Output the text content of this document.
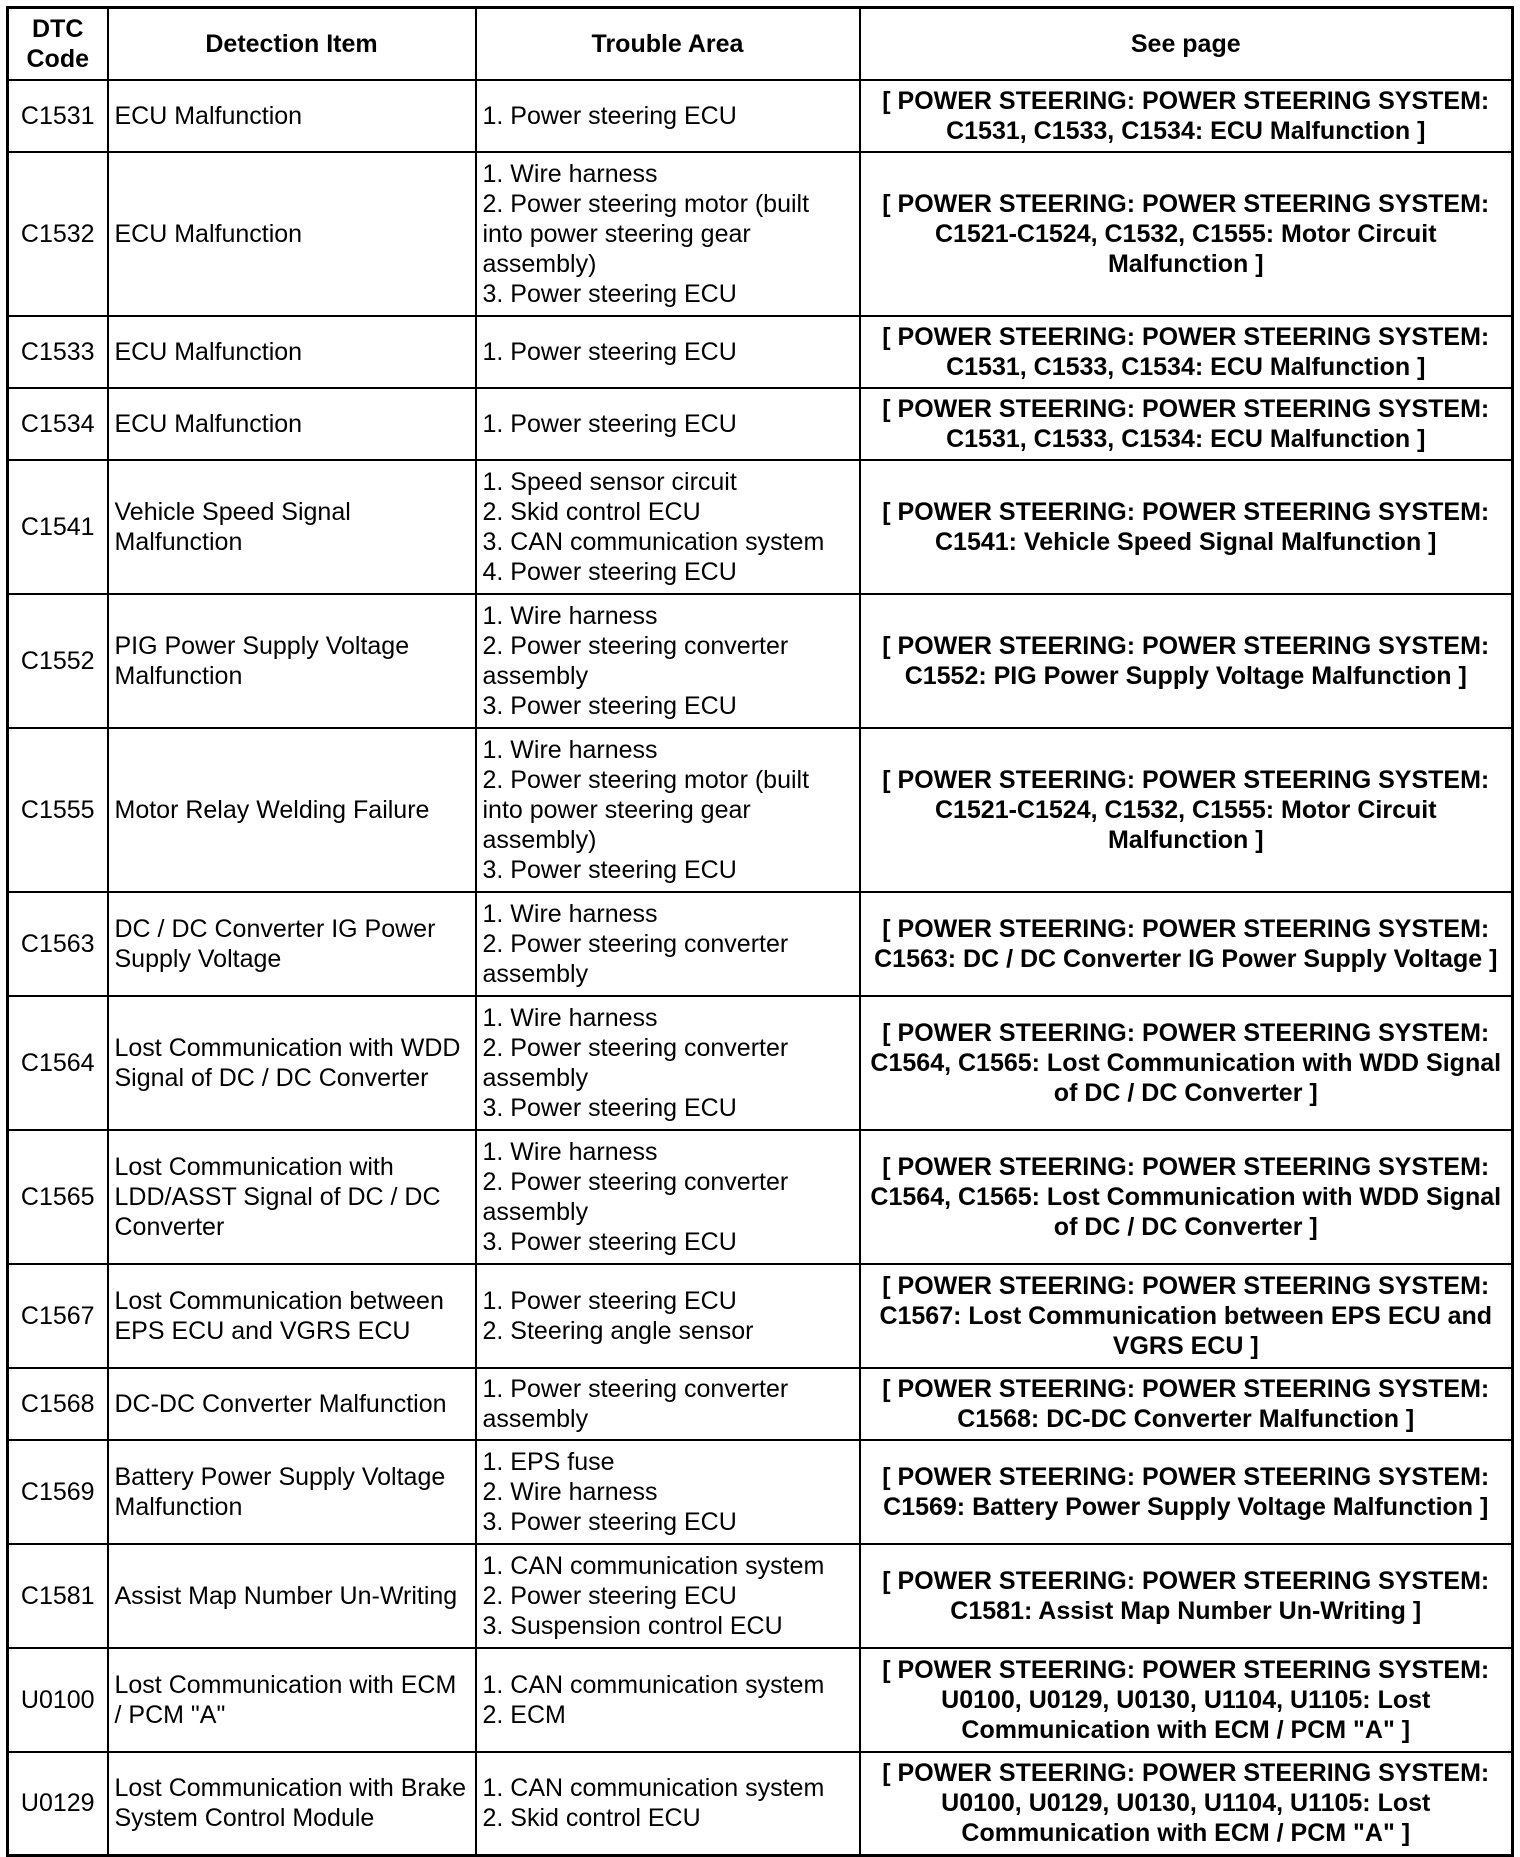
DTC
Code	Detection Item	Trouble Area	See page
C1531	ECU Malfunction	1. Power steering ECU	[ POWER STEERING: POWER STEERING SYSTEM:
C1531, C1533, C1534: ECU Malfunction ]

C1532	ECU Malfunction	1. Wire harness
2. Power steering motor (built into power steering gear assembly)
3. Power steering ECU	[ POWER STEERING: POWER STEERING SYSTEM:
C1521-C1524, C1532, C1555: Motor Circuit
Malfunction ]

C1533	ECU Malfunction	1. Power steering ECU	[ POWER STEERING: POWER STEERING SYSTEM:
C1531, C1533, C1534: ECU Malfunction ]

C1534	ECU Malfunction	1. Power steering ECU	[ POWER STEERING: POWER STEERING SYSTEM:
C1531, C1533, C1534: ECU Malfunction ]

C1541	Vehicle Speed Signal Malfunction	1. Speed sensor circuit
2. Skid control ECU
3. CAN communication system
4. Power steering ECU	[ POWER STEERING: POWER STEERING SYSTEM:
C1541: Vehicle Speed Signal Malfunction ]

C1552	PIG Power Supply Voltage Malfunction	1. Wire harness
2. Power steering converter assembly
3. Power steering ECU	[ POWER STEERING: POWER STEERING SYSTEM:
C1552: PIG Power Supply Voltage Malfunction ]

C1555	Motor Relay Welding Failure	1. Wire harness
2. Power steering motor (built into power steering gear assembly)
3. Power steering ECU	[ POWER STEERING: POWER STEERING SYSTEM:
C1521-C1524, C1532, C1555: Motor Circuit
Malfunction ]

C1563	DC / DC Converter IG Power Supply Voltage	1. Wire harness
2. Power steering converter assembly	[ POWER STEERING: POWER STEERING SYSTEM:
C1563: DC / DC Converter IG Power Supply Voltage ]

C1564	Lost Communication with WDD Signal of DC / DC Converter	1. Wire harness
2. Power steering converter assembly
3. Power steering ECU	[ POWER STEERING: POWER STEERING SYSTEM:
C1564, C1565: Lost Communication with WDD Signal
of DC / DC Converter ]

C1565	Lost Communication with LDD/ASST Signal of DC / DC Converter	1. Wire harness
2. Power steering converter assembly
3. Power steering ECU	[ POWER STEERING: POWER STEERING SYSTEM:
C1564, C1565: Lost Communication with WDD Signal
of DC / DC Converter ]

C1567	Lost Communication between EPS ECU and VGRS ECU	1. Power steering ECU
2. Steering angle sensor	[ POWER STEERING: POWER STEERING SYSTEM:
C1567: Lost Communication between EPS ECU and
VGRS ECU ]

C1568	DC-DC Converter Malfunction	1. Power steering converter assembly	[ POWER STEERING: POWER STEERING SYSTEM:
C1568: DC-DC Converter Malfunction ]

C1569	Battery Power Supply Voltage Malfunction	1. EPS fuse
2. Wire harness
3. Power steering ECU	[ POWER STEERING: POWER STEERING SYSTEM:
C1569: Battery Power Supply Voltage Malfunction ]

C1581	Assist Map Number Un-Writing	1. CAN communication system
2. Power steering ECU
3. Suspension control ECU	[ POWER STEERING: POWER STEERING SYSTEM:
C1581: Assist Map Number Un-Writing ]

U0100	Lost Communication with ECM / PCM "A"	1. CAN communication system
2. ECM	[ POWER STEERING: POWER STEERING SYSTEM:
U0100, U0129, U0130, U1104, U1105: Lost
Communication with ECM / PCM "A" ]

U0129	Lost Communication with Brake System Control Module	1. CAN communication system
2. Skid control ECU	[ POWER STEERING: POWER STEERING SYSTEM:
U0100, U0129, U0130, U1104, U1105: Lost
Communication with ECM / PCM "A" ]
